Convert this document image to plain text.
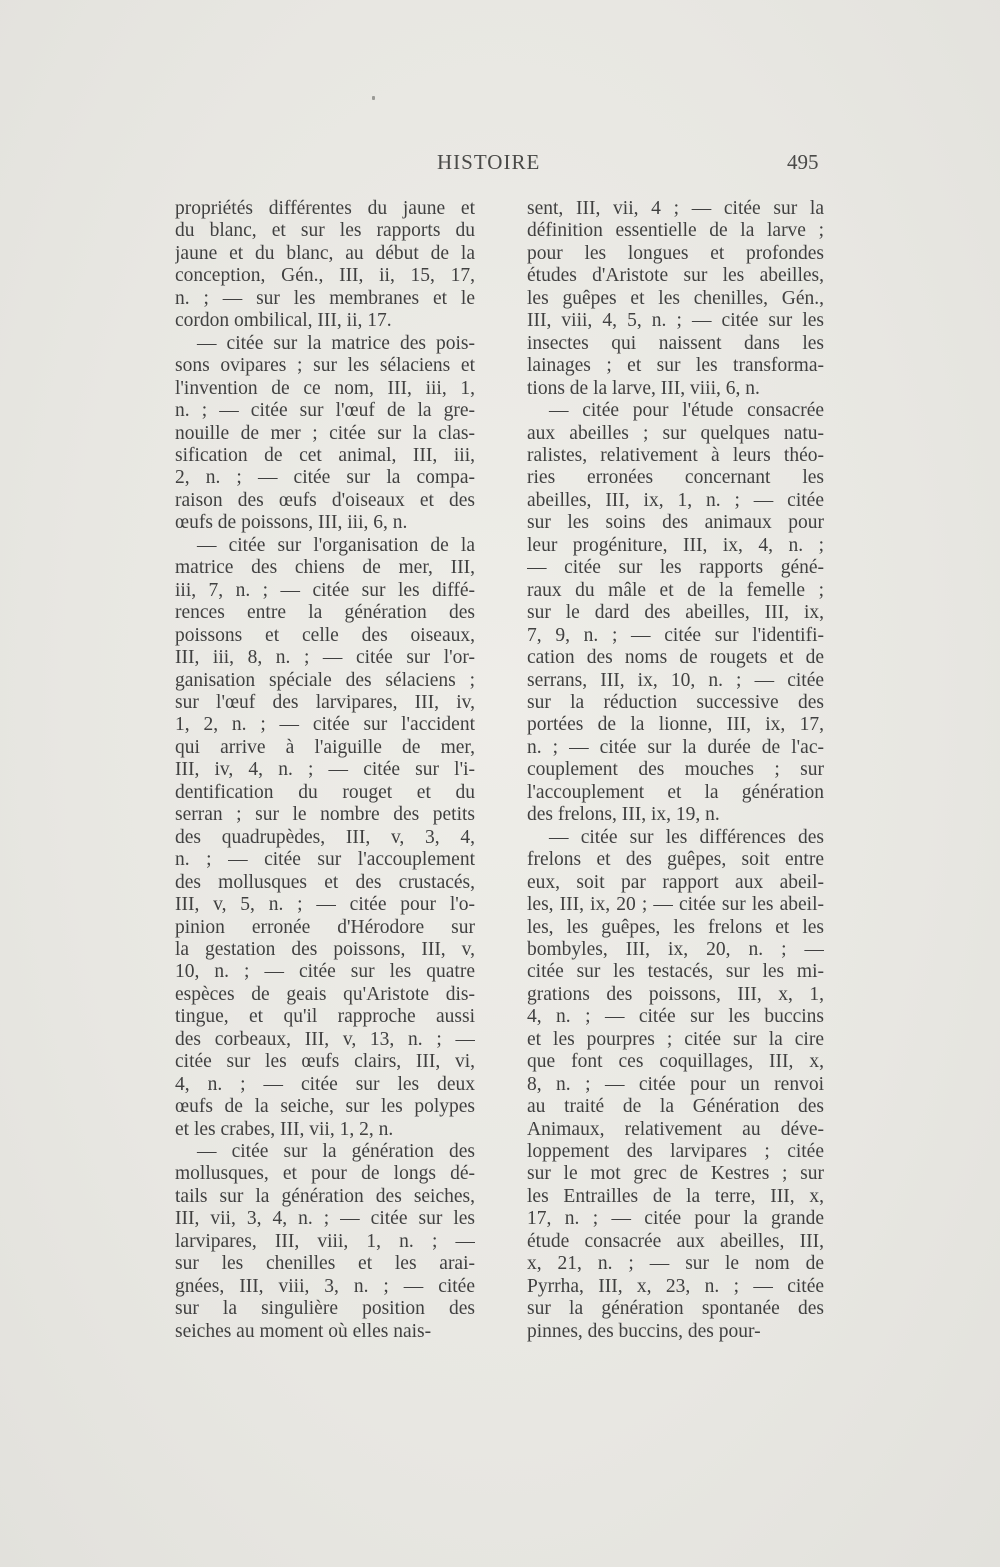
HISTOIRE	495

propriétés différentes du jaune et
du blanc, et sur les rapports du
jaune et du blanc, au début de la
conception, Gén., III, ii, 15, 17,
n. ; — sur les membranes et le
cordon ombilical, III, ii, 17.

— citée sur la matrice des pois-
sons ovipares ; sur les sélaciens et
l'invention de ce nom, III, iii, 1,
n. ; — citée sur l'œuf de la gre-
nouille de mer ; citée sur la clas-
sification de cet animal, III, iii,
2, n. ; — citée sur la compa-
raison des œufs d'oiseaux et des
œufs de poissons, III, iii, 6, n.

— citée sur l'organisation de la
matrice des chiens de mer, III,
iii, 7, n. ; — citée sur les diffé-
rences entre la génération des
poissons et celle des oiseaux,
III, iii, 8, n. ; — citée sur l'or-
ganisation spéciale des sélaciens ;
sur l'œuf des larvipares, III, iv,
1, 2, n. ; — citée sur l'accident
qui arrive à l'aiguille de mer,
III, iv, 4, n. ; — citée sur l'i-
dentification du rouget et du
serran ; sur le nombre des petits
des quadrupèdes, III, v, 3, 4,
n. ; — citée sur l'accouplement
des mollusques et des crustacés,
III, v, 5, n. ; — citée pour l'o-
pinion erronée d'Hérodore sur
la gestation des poissons, III, v,
10, n. ; — citée sur les quatre
espèces de geais qu'Aristote dis-
tingue, et qu'il rapproche aussi
des corbeaux, III, v, 13, n. ; —
citée sur les œufs clairs, III, vi,
4, n. ; — citée sur les deux
œufs de la seiche, sur les polypes
et les crabes, III, vii, 1, 2, n.

— citée sur la génération des
mollusques, et pour de longs dé-
tails sur la génération des seiches,
III, vii, 3, 4, n. ; — citée sur les
larvipares, III, viii, 1, n. ; —
sur les chenilles et les arai-
gnées, III, viii, 3, n. ; — citée
sur la singulière position des
seiches au moment où elles nais-

sent, III, vii, 4 ; — citée sur la
définition essentielle de la larve ;
pour les longues et profondes
études d'Aristote sur les abeilles,
les guêpes et les chenilles, Gén.,
III, viii, 4, 5, n. ; — citée sur les
insectes qui naissent dans les
lainages ; et sur les transforma-
tions de la larve, III, viii, 6, n.

— citée pour l'étude consacrée
aux abeilles ; sur quelques natu-
ralistes, relativement à leurs théo-
ries erronées concernant les
abeilles, III, ix, 1, n. ; — citée
sur les soins des animaux pour
leur progéniture, III, ix, 4, n. ;
— citée sur les rapports géné-
raux du mâle et de la femelle ;
sur le dard des abeilles, III, ix,
7, 9, n. ; — citée sur l'identifi-
cation des noms de rougets et de
serrans, III, ix, 10, n. ; — citée
sur la réduction successive des
portées de la lionne, III, ix, 17,
n. ; — citée sur la durée de l'ac-
couplement des mouches ; sur
l'accouplement et la génération
des frelons, III, ix, 19, n.

— citée sur les différences des
frelons et des guêpes, soit entre
eux, soit par rapport aux abeil-
les, III, ix, 20 ; — citée sur les abeil-
les, les guêpes, les frelons et les
bombyles, III, ix, 20, n. ; —
citée sur les testacés, sur les mi-
grations des poissons, III, x, 1,
4, n. ; — citée sur les buccins
et les pourpres ; citée sur la cire
que font ces coquillages, III, x,
8, n. ; — citée pour un renvoi
au traité de la Génération des
Animaux, relativement au déve-
loppement des larvipares ; citée
sur le mot grec de Kestres ; sur
les Entrailles de la terre, III, x,
17, n. ; — citée pour la grande
étude consacrée aux abeilles, III,
x, 21, n. ; — sur le nom de
Pyrrha, III, x, 23, n. ; — citée
sur la génération spontanée des
pinnes, des buccins, des pour-
